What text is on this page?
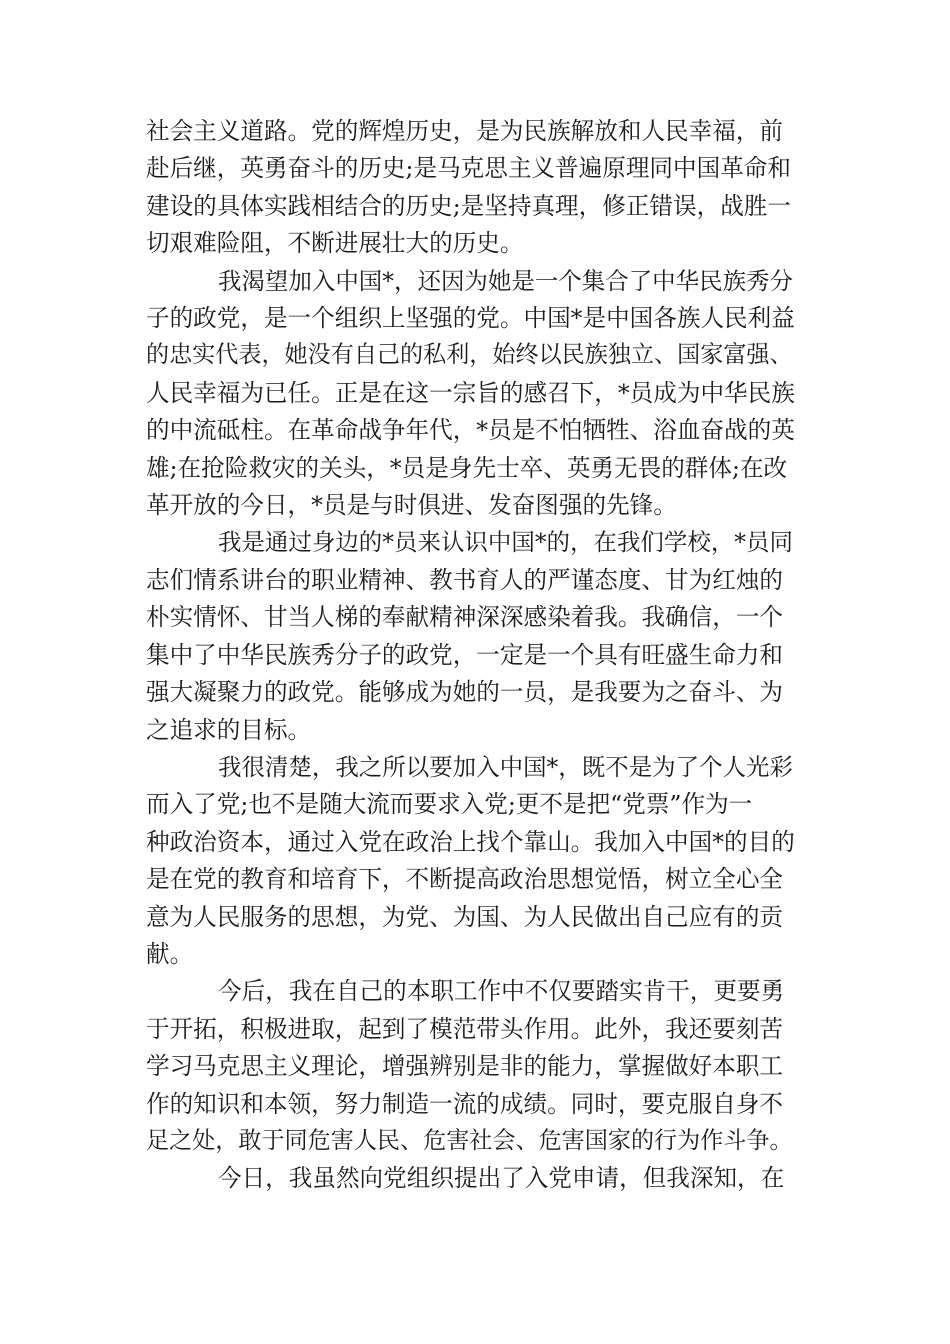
社会主义道路。党的辉煌历史，是为民族解放和人民幸福，前
赴后继，英勇奋斗的历史;是马克思主义普遍原理同中国革命和
建设的具体实践相结合的历史;是坚持真理，修正错误，战胜一
切艰难险阻，不断进展壮大的历史。
我渴望加入中国*，还因为她是一个集合了中华民族秀分
子的政党，是一个组织上坚强的党。中国*是中国各族人民利益
的忠实代表，她没有自己的私利，始终以民族独立、国家富强、
人民幸福为已任。正是在这一宗旨的感召下，*员成为中华民族
的中流砥柱。在革命战争年代，*员是不怕牺牲、浴血奋战的英
雄;在抢险救灾的关头，*员是身先士卒、英勇无畏的群体;在改
革开放的今日，*员是与时俱进、发奋图强的先锋。
我是通过身边的*员来认识中国*的，在我们学校，*员同
志们情系讲台的职业精神、教书育人的严谨态度、甘为红烛的
朴实情怀、甘当人梯的奉献精神深深感染着我。我确信，一个
集中了中华民族秀分子的政党，一定是一个具有旺盛生命力和
强大凝聚力的政党。能够成为她的一员，是我要为之奋斗、为
之追求的目标。
我很清楚，我之所以要加入中国*，既不是为了个人光彩
而入了党;也不是随大流而要求入党;更不是把“党票”作为一
种政治资本，通过入党在政治上找个靠山。我加入中国*的目的
是在党的教育和培育下，不断提高政治思想觉悟，树立全心全
意为人民服务的思想，为党、为国、为人民做出自己应有的贡
献。
今后，我在自己的本职工作中不仅要踏实肯干，更要勇
于开拓，积极进取，起到了模范带头作用。此外，我还要刻苦
学习马克思主义理论，增强辨别是非的能力，掌握做好本职工
作的知识和本领，努力制造一流的成绩。同时，要克服自身不
足之处，敢于同危害人民、危害社会、危害国家的行为作斗争。
今日，我虽然向党组织提出了入党申请，但我深知，在
